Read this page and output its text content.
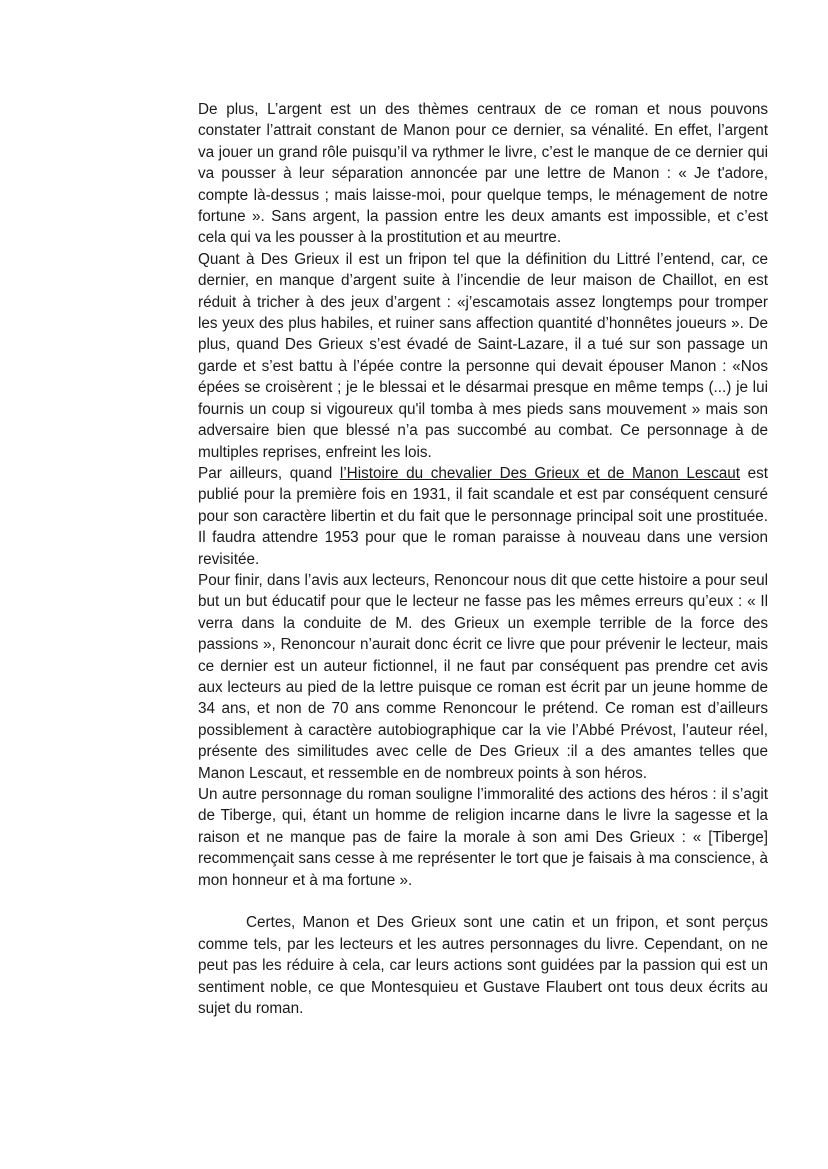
De plus, L’argent est un des thèmes centraux de ce roman et nous pouvons constater l’attrait constant de Manon pour ce dernier, sa vénalité. En effet, l’argent va jouer un grand rôle puisqu’il va rythmer le livre, c’est le manque de ce dernier qui va pousser à leur séparation annoncée par une lettre de Manon : « Je t'adore, compte là-dessus ; mais laisse-moi, pour quelque temps, le ménagement de notre fortune ». Sans argent, la passion entre les deux amants est impossible, et c’est cela qui va les pousser à la prostitution et au meurtre.

Quant à Des Grieux il est un fripon tel que la définition du Littré l’entend, car, ce dernier, en manque d’argent suite à l’incendie de leur maison de Chaillot, en est réduit à tricher à des jeux d’argent : «j’escamotais assez longtemps pour tromper les yeux des plus habiles, et ruiner sans affection quantité d’honnêtes joueurs ». De plus, quand Des Grieux s’est évadé de Saint-Lazare, il a tué sur son passage un garde et s’est battu à l’épée contre la personne qui devait épouser Manon : «Nos épées se croisèrent ; je le blessai et le désarmai presque en même temps (...) je lui fournis un coup si vigoureux qu'il tomba à mes pieds sans mouvement » mais son adversaire bien que blessé n’a pas succombé au combat. Ce personnage à de multiples reprises, enfreint les lois.

Par ailleurs, quand l’Histoire du chevalier Des Grieux et de Manon Lescaut est publié pour la première fois en 1931, il fait scandale et est par conséquent censuré pour son caractère libertin et du fait que le personnage principal soit une prostituée. Il faudra attendre 1953 pour que le roman paraisse à nouveau dans une version revisitée.

Pour finir, dans l’avis aux lecteurs, Renoncour nous dit que cette histoire a pour seul but un but éducatif pour que le lecteur ne fasse pas les mêmes erreurs qu’eux : « Il verra dans la conduite de M. des Grieux un exemple terrible de la force des passions », Renoncour n’aurait donc écrit ce livre que pour prévenir le lecteur, mais ce dernier est un auteur fictionnel, il ne faut par conséquent pas prendre cet avis aux lecteurs au pied de la lettre puisque ce roman est écrit par un jeune homme de 34 ans, et non de 70 ans comme Renoncour le prétend. Ce roman est d’ailleurs possiblement à caractère autobiographique car la vie l’Abbé Prévost, l’auteur réel, présente des similitudes avec celle de Des Grieux :il a des amantes telles que Manon Lescaut, et ressemble en de nombreux points à son héros.

Un autre personnage du roman souligne l’immoralité des actions des héros : il s’agit de Tiberge, qui, étant un homme de religion incarne dans le livre la sagesse et la raison et ne manque pas de faire la morale à son ami Des Grieux : « [Tiberge] recommençait sans cesse à me représenter le tort que je faisais à ma conscience, à mon honneur et à ma fortune ».

Certes, Manon et Des Grieux sont une catin et un fripon, et sont perçus comme tels, par les lecteurs et les autres personnages du livre. Cependant, on ne peut pas les réduire à cela, car leurs actions sont guidées par la passion qui est un sentiment noble, ce que Montesquieu et Gustave Flaubert ont tous deux écrits au sujet du roman.
